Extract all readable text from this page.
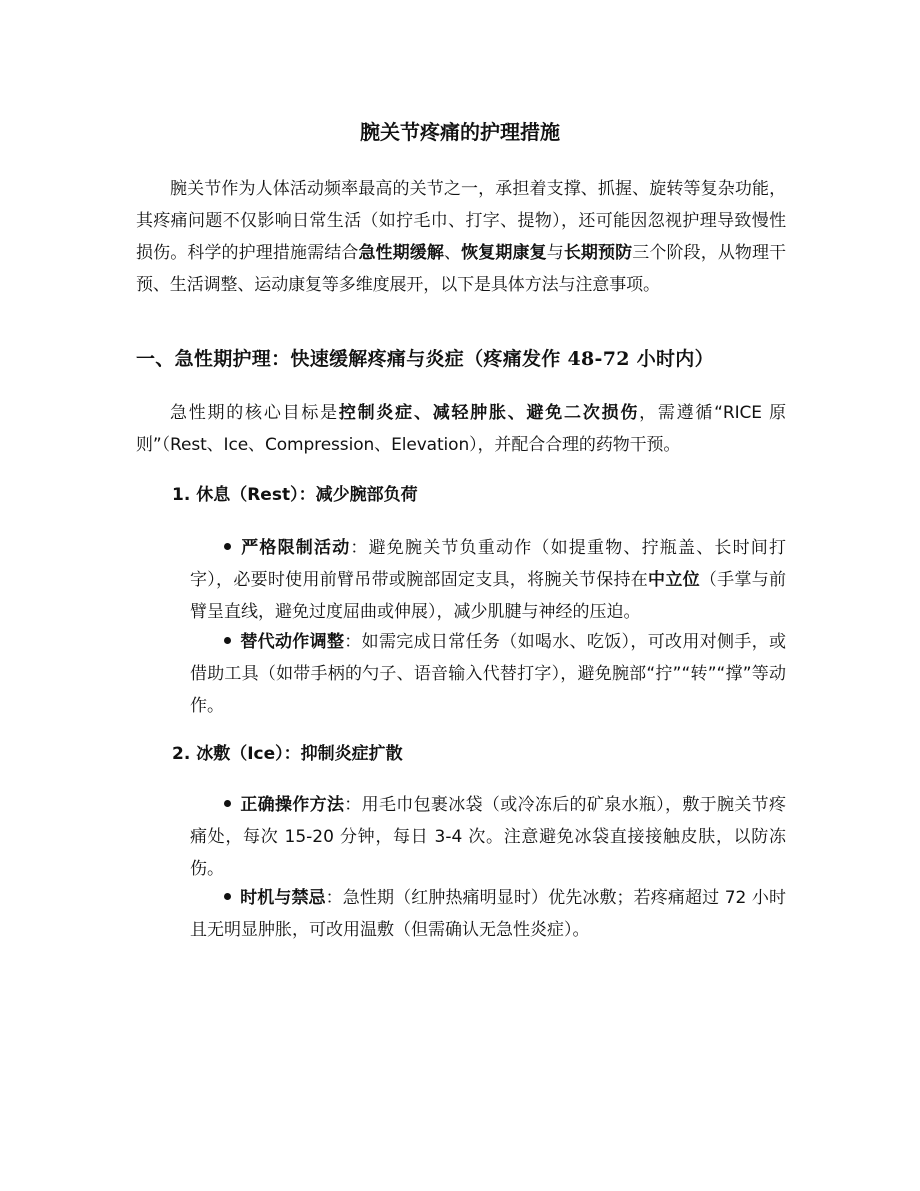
腕关节疼痛的护理措施
腕关节作为人体活动频率最高的关节之一，承担着支撑、抓握、旋转等复杂功能，其疼痛问题不仅影响日常生活（如拧毛巾、打字、提物），还可能因忽视护理导致慢性损伤。科学的护理措施需结合急性期缓解、恢复期康复与长期预防三个阶段，从物理干预、生活调整、运动康复等多维度展开，以下是具体方法与注意事项。
一、急性期护理：快速缓解疼痛与炎症（疼痛发作 48-72 小时内）
急性期的核心目标是控制炎症、减轻肿胀、避免二次损伤，需遵循“RICE 原则”（Rest、Ice、Compression、Elevation），并配合合理的药物干预。
1. 休息（Rest）：减少腕部负荷
严格限制活动：避免腕关节负重动作（如提重物、拧瓶盖、长时间打字），必要时使用前臂吊带或腕部固定支具，将腕关节保持在中立位（手掌与前臂呈直线，避免过度屈曲或伸展），减少肌腱与神经的压迫。
替代动作调整：如需完成日常任务（如喝水、吃饭），可改用对侧手，或借助工具（如带手柄的勺子、语音输入代替打字），避免腕部“拧”“转”“撑”等动作。
2. 冰敷（Ice）：抑制炎症扩散
正确操作方法：用毛巾包裹冰袋（或冷冻后的矿泉水瓶），敷于腕关节疼痛处，每次 15-20 分钟，每日 3-4 次。注意避免冰袋直接接触皮肤，以防冻伤。
时机与禁忌：急性期（红肿热痛明显时）优先冰敷；若疼痛超过 72 小时且无明显肿胀，可改用温敷（但需确认无急性炎症）。
